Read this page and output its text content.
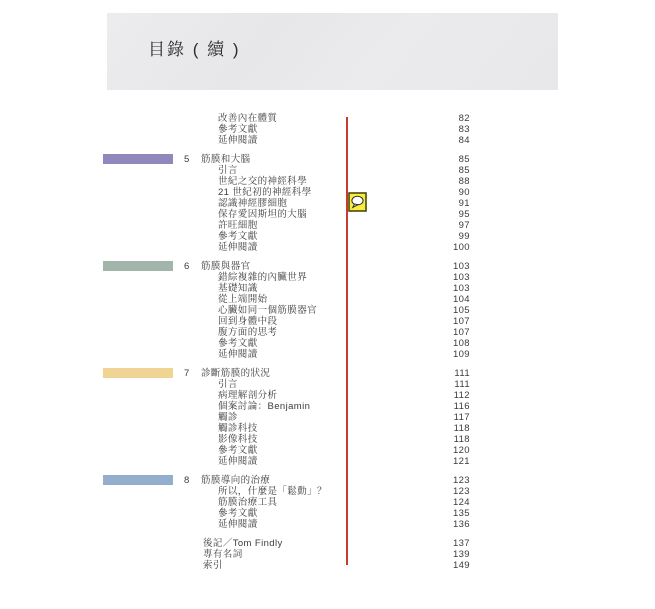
目錄 ( 續 )
改善內在體質	82
參考文獻	83
延伸閱讀	84
5 筋膜和大腦	85
引言	85
世紀之交的神經科學	88
21 世紀初的神經科學	90
認識神經膠細胞	91
保存愛因斯坦的大腦	95
許旺細胞	97
參考文獻	99
延伸閱讀	100
6 筋膜與器官	103
錯綜複雜的內臟世界	103
基礎知識	103
從上端開始	104
心臟如同一個筋膜器官	105
回到身體中段	107
腹方面的思考	107
參考文獻	108
延伸閱讀	109
7 診斷筋膜的狀況	111
引言	111
病理解剖分析	112
個案討論：Benjamin	116
觸診	117
觸診科技	118
影像科技	118
參考文獻	120
延伸閱讀	121
8 筋膜導向的治療	123
所以，什麼是「鬆動」？	123
筋膜治療工具	124
參考文獻	135
延伸閱讀	136
後記／Tom Findly	137
專有名詞	139
索引	149
